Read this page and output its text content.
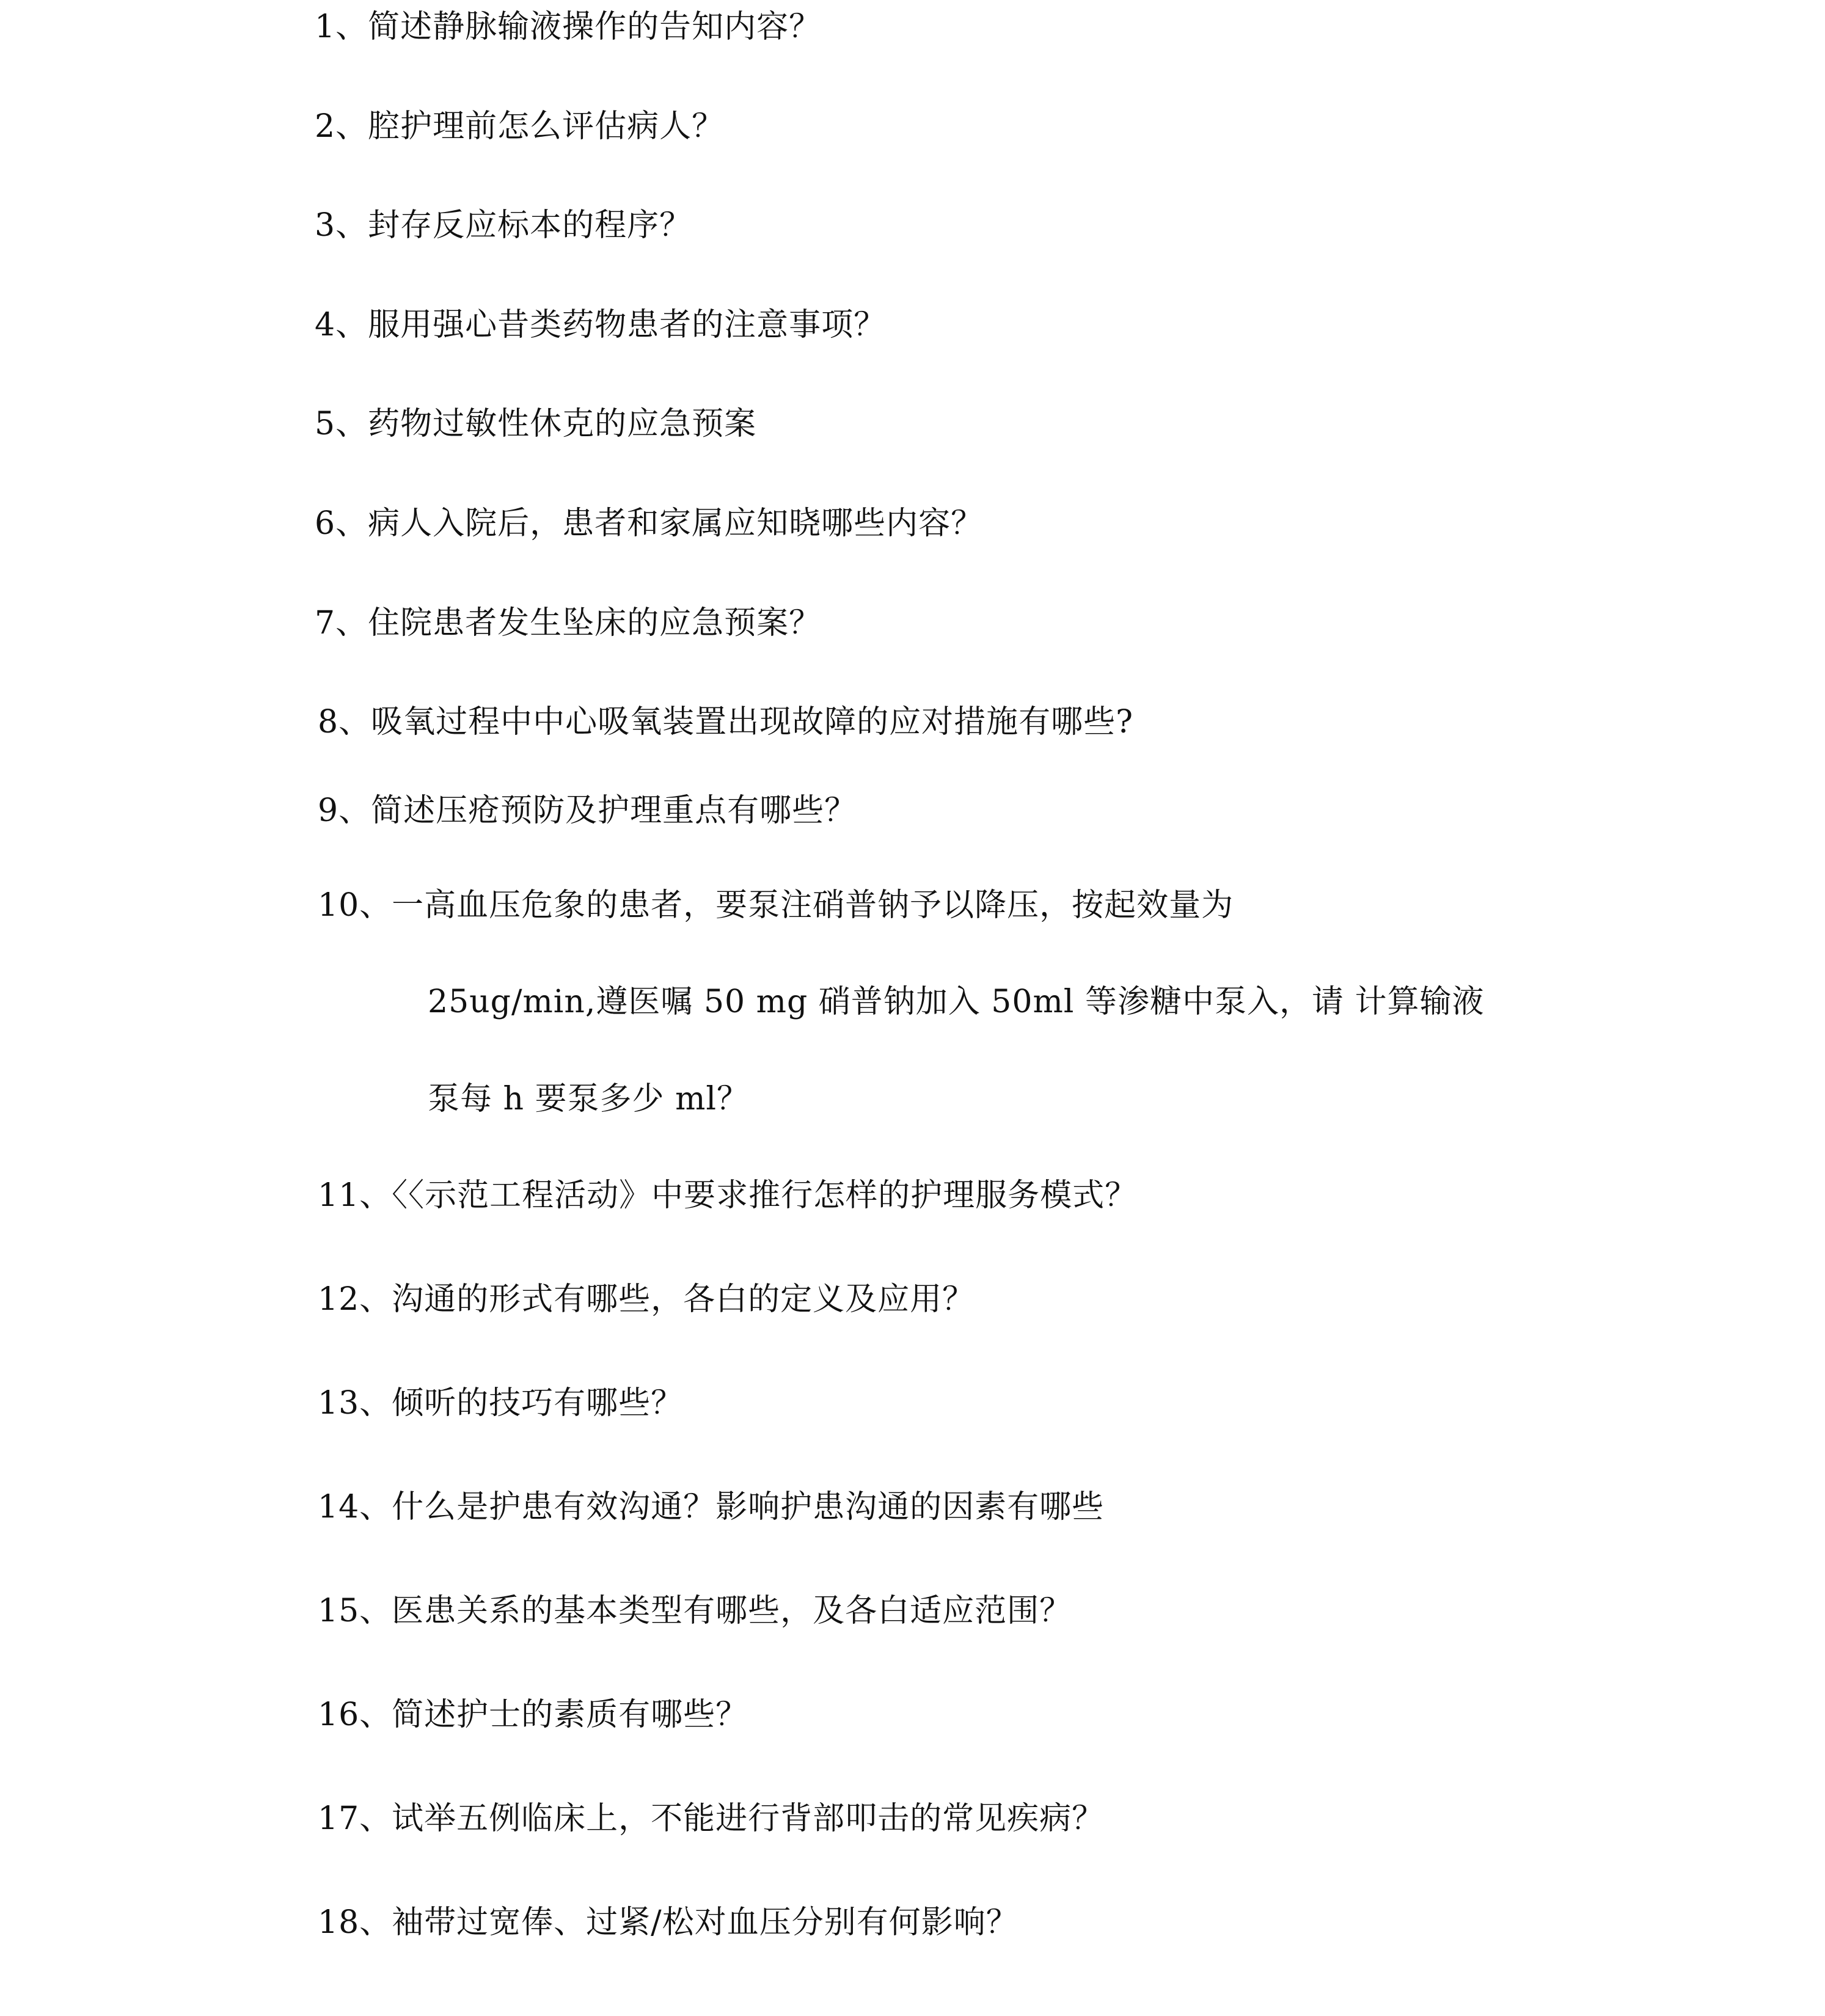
1、简述静脉输液操作的告知内容？
2、腔护理前怎么评估病人？
3、封存反应标本的程序？
4、服用强心昔类药物患者的注意事项？
5、药物过敏性休克的应急预案
6、病人入院后，患者和家属应知晓哪些内容？
7、住院患者发生坠床的应急预案？
8、吸氧过程中中心吸氧装置出现故障的应对措施有哪些?
9、简述压疮预防及护理重点有哪些？
10、一高血压危象的患者，要泵注硝普钠予以降压，按起效量为
25ug/min,遵医嘱 50 mg 硝普钠加入 50ml 等渗糖中泵入，请 计算输液
泵每 h 要泵多少 ml？
11、〈〈示范工程活动》中要求推行怎样的护理服务模式？
12、沟通的形式有哪些，各白的定义及应用？
13、倾听的技巧有哪些？
14、什么是护患有效沟通？影响护患沟通的因素有哪些
15、医患关系的基本类型有哪些，及各白适应范围？
16、简述护士的素质有哪些？
17、试举五例临床上，不能进行背部叩击的常见疾病？
18、袖带过宽俸、过紧/松对血压分别有何影响？
